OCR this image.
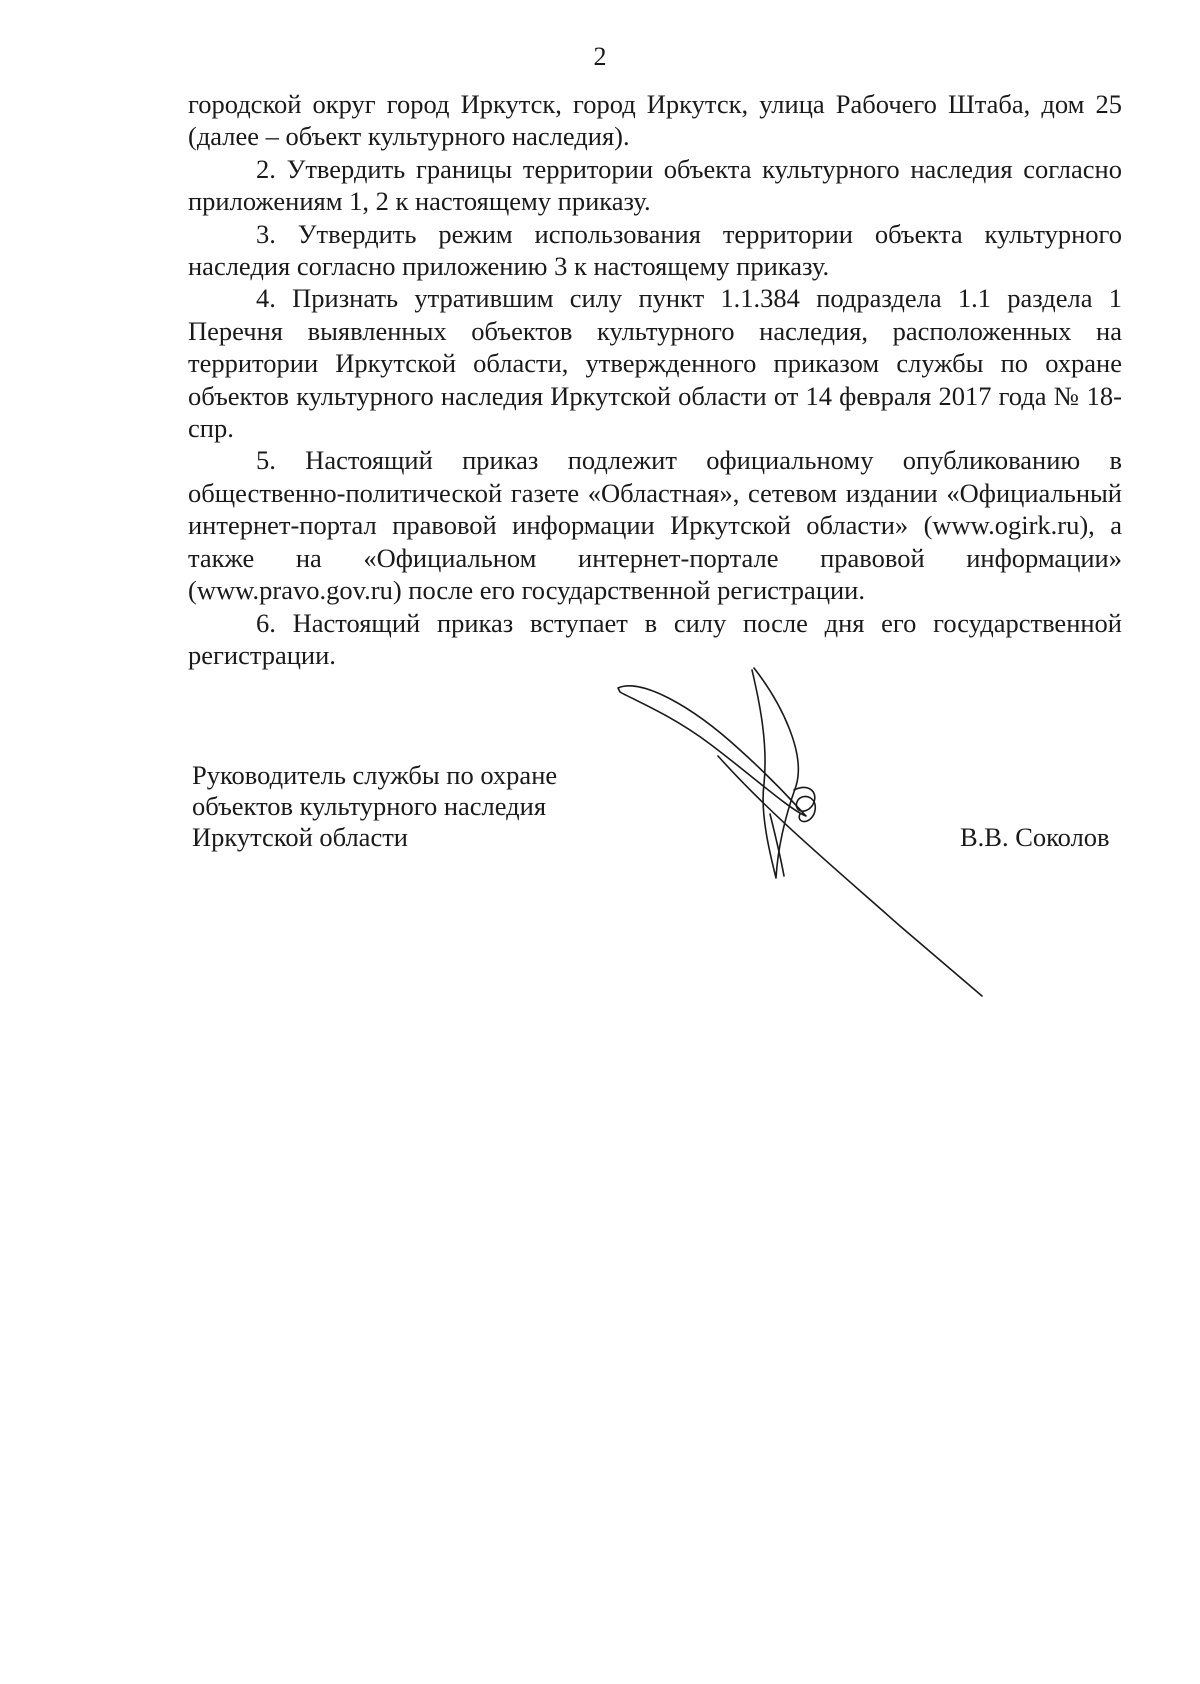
2

городской округ город Иркутск, город Иркутск, улица Рабочего Штаба, дом 25 (далее – объект культурного наследия).

2. Утвердить границы территории объекта культурного наследия согласно приложениям 1, 2 к настоящему приказу.

3. Утвердить режим использования территории объекта культурного наследия согласно приложению 3 к настоящему приказу.

4. Признать утратившим силу пункт 1.1.384 подраздела 1.1 раздела 1 Перечня выявленных объектов культурного наследия, расположенных на территории Иркутской области, утвержденного приказом службы по охране объектов культурного наследия Иркутской области от 14 февраля 2017 года № 18-спр.

5. Настоящий приказ подлежит официальному опубликованию в общественно-политической газете «Областная», сетевом издании «Официальный интернет-портал правовой информации Иркутской области» (www.ogirk.ru), а также на «Официальном интернет-портале правовой информации» (www.pravo.gov.ru) после его государственной регистрации.

6. Настоящий приказ вступает в силу после дня его государственной регистрации.

Руководитель службы по охране
объектов культурного наследия
Иркутской области	В.В. Соколов
